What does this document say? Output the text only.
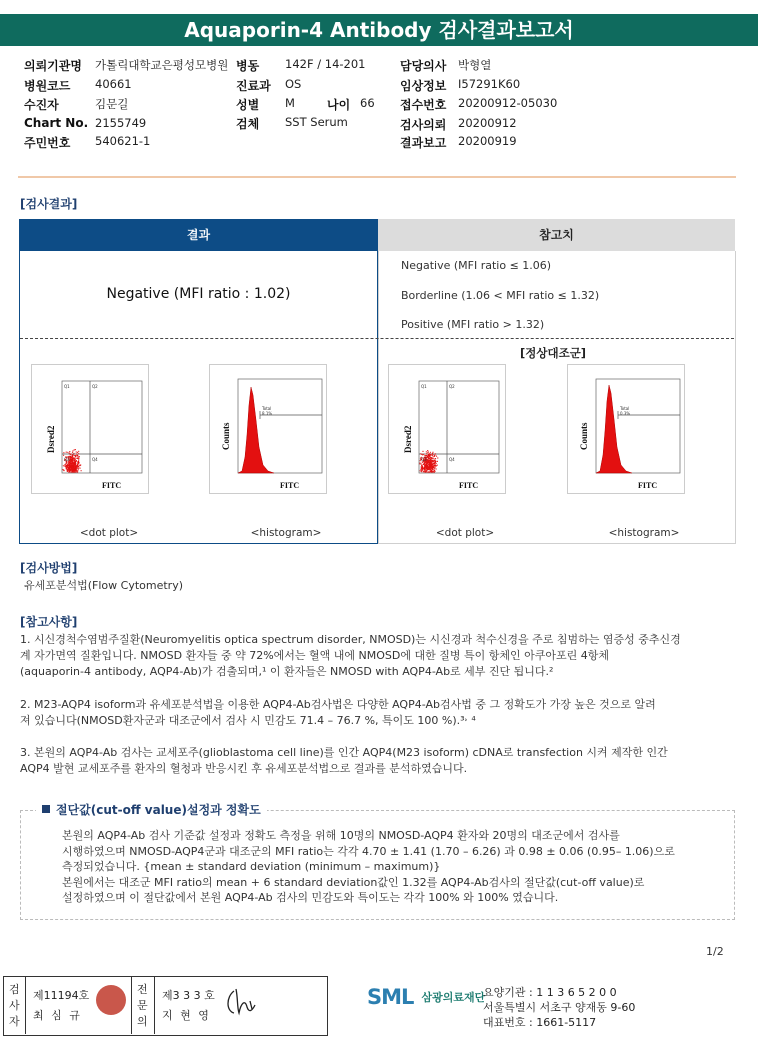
Aquaporin-4 Antibody 검사결과보고서
의뢰기관명 가톨릭대학교은평성모병원
병원코드 40661
수진자	김문길
Chart No. 2155749
주민번호 540621-1
병동 142F / 14-201
진료과 OS
성별 M	나이 66
검체 SST Serum
담당의사 박형열
임상정보 I57291K60
접수번호 20200912-05030
검사의뢰 20200912
결과보고 20200919
[검사결과]
결과	참고치
Negative (MFI ratio : 1.02)
Negative (MFI ratio ≤ 1.06)
Borderline (1.06 < MFI ratio ≤ 1.32)
Positive (MFI ratio > 1.32)
[정상대조군]
Q1	Q2
Q3	Q4
FITC
Dsred2
Total
8.1%
FITC
Counts
Q1	Q2
Q3	Q4
FITC
Dsred2
Total
0.3%
FITC
Counts
<dot plot>	<histogram>	<dot plot>	<histogram>
[검사방법]
유세포분석법(Flow Cytometry)
[참고사항]
1. 시신경척수염범주질환(Neuromyelitis optica spectrum disorder, NMOSD)는 시신경과 척수신경을 주로 침범하는 염증성 중추신경
계 자가면역 질환입니다. NMOSD 환자들 중 약 72%에서는 혈액 내에 NMOSD에 대한 질병 특이 항체인 아쿠아포린 4항체
(aquaporin-4 antibody, AQP4-Ab)가 검출되며,¹ 이 환자들은 NMOSD with AQP4-Ab로 세부 진단 됩니다.²
2. M23-AQP4 isoform과 유세포분석법을 이용한 AQP4-Ab검사법은 다양한 AQP4-Ab검사법 중 그 정확도가 가장 높은 것으로 알려
져 있습니다(NMOSD환자군과 대조군에서 검사 시 민감도 71.4 – 76.7 %, 특이도 100 %).³˒ ⁴
3. 본원의 AQP4-Ab 검사는 교세포주(glioblastoma cell line)를 인간 AQP4(M23 isoform) cDNA로 transfection 시켜 제작한 인간
AQP4 발현 교세포주를 환자의 혈청과 반응시킨 후 유세포분석법으로 결과를 분석하였습니다.
절단값(cut-off value)설정과 정확도
본원의 AQP4-Ab 검사 기준값 설정과 정확도 측정을 위해 10명의 NMOSD-AQP4 환자와 20명의 대조군에서 검사를
시행하였으며 NMOSD-AQP4군과 대조군의 MFI ratio는 각각 4.70 ± 1.41 (1.70 – 6.26) 과 0.98 ± 0.06 (0.95– 1.06)으로
측정되었습니다. {mean ± standard deviation (minimum – maximum)}
본원에서는 대조군 MFI ratio의 mean + 6 standard deviation값인 1.32를 AQP4-Ab검사의 절단값(cut-off value)로
설정하였으며 이 절단값에서 본원 AQP4-Ab 검사의 민감도와 특이도는 각각 100% 와 100% 였습니다.
1/2
검
사
자
제11194호
최 심 규
전
문
의
제3 3 3 호
지 현 영
SML 삼광의료재단
요양기관 : 1 1 3 6 5 2 0 0
서울특별시 서초구 양재동 9-60
대표번호 : 1661-5117
